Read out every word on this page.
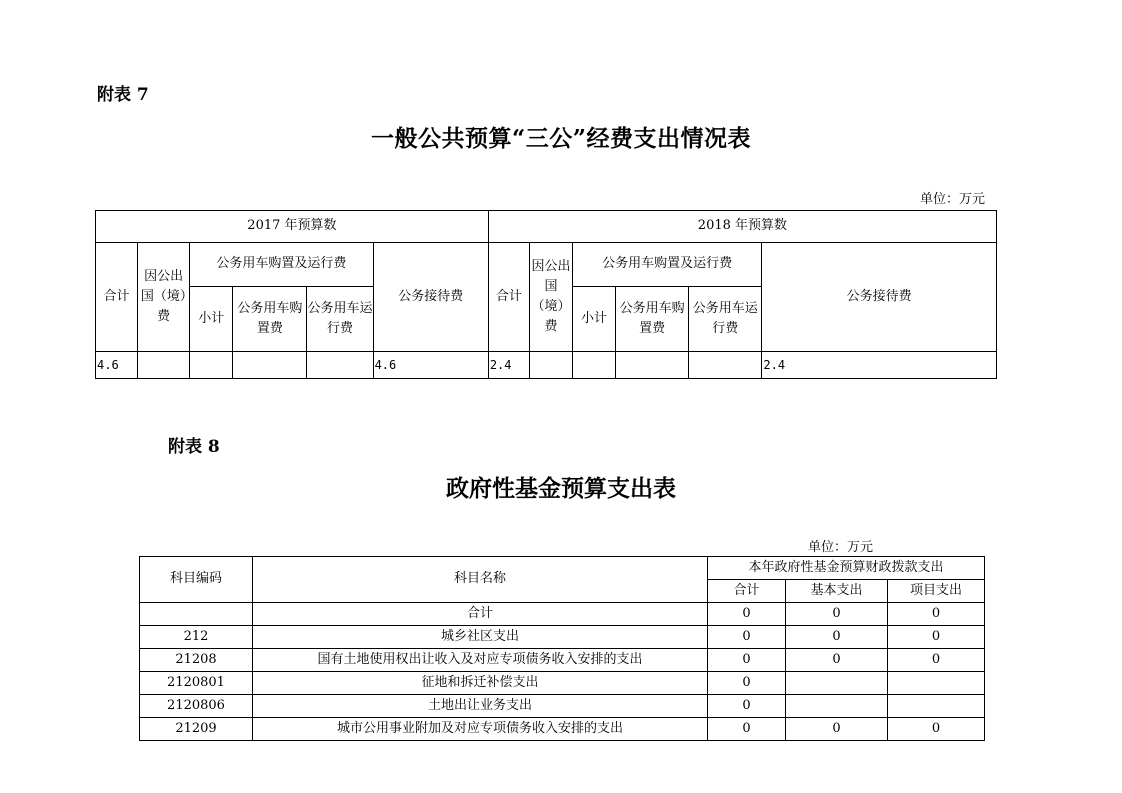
附表 7
一般公共预算“三公”经费支出情况表
单位：万元
2017 年预算数						2018 年预算数					
合计	因公出国（境）费	公务用车购置及运行费			公务接待费	合计	因公出国（境）费	公务用车购置及运行费			公务接待费
		小计	公务用车购置费	公务用车运行费				小计	公务用车购置费	公务用车运行费	
4.6					4.6	2.4					2.4
附表 8
政府性基金预算支出表
单位：万元
科目编码	科目名称	本年政府性基金预算财政拨款支出		
		合计	基本支出	项目支出
	合计	0	0	0
212	城乡社区支出	0	0	0
21208	国有土地使用权出让收入及对应专项债务收入安排的支出	0	0	0
2120801	征地和拆迁补偿支出	0		
2120806	土地出让业务支出	0		
21209	城市公用事业附加及对应专项债务收入安排的支出	0	0	0
